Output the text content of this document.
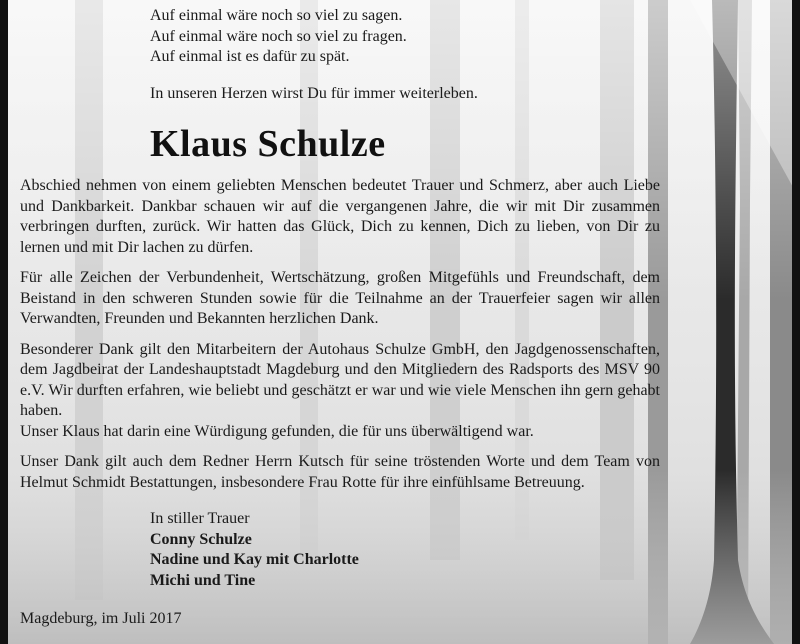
Auf einmal wäre noch so viel zu sagen.

Auf einmal wäre noch so viel zu fragen.

Auf einmal ist es dafür zu spät.

In unseren Herzen wirst Du für immer weiterleben.

Klaus Schulze

Abschied nehmen von einem geliebten Menschen bedeutet Trauer und Schmerz, aber auch Liebe und Dankbarkeit. Dankbar schauen wir auf die vergangenen Jahre, die wir mit Dir zusammen verbringen durften, zurück. Wir hatten das Glück, Dich zu kennen, Dich zu lieben, von Dir zu lernen und mit Dir lachen zu dürfen.

Für alle Zeichen der Verbundenheit, Wertschätzung, großen Mitgefühls und Freundschaft, dem Beistand in den schweren Stunden sowie für die Teilnahme an der Trauerfeier sagen wir allen Verwandten, Freunden und Bekannten herzlichen Dank.

Besonderer Dank gilt den Mitarbeitern der Autohaus Schulze GmbH, den Jagdgenossenschaften, dem Jagdbeirat der Landeshauptstadt Magdeburg und den Mitgliedern des Radsports des MSV 90 e.V. Wir durften erfahren, wie beliebt und geschätzt er war und wie viele Menschen ihn gern gehabt haben.
Unser Klaus hat darin eine Würdigung gefunden, die für uns überwältigend war.

Unser Dank gilt auch dem Redner Herrn Kutsch für seine tröstenden Worte und dem Team von Helmut Schmidt Bestattungen, insbesondere Frau Rotte für ihre einfühlsame Betreuung.

In stiller Trauer

Conny Schulze

Nadine und Kay mit Charlotte

Michi und Tine

Magdeburg, im Juli 2017
